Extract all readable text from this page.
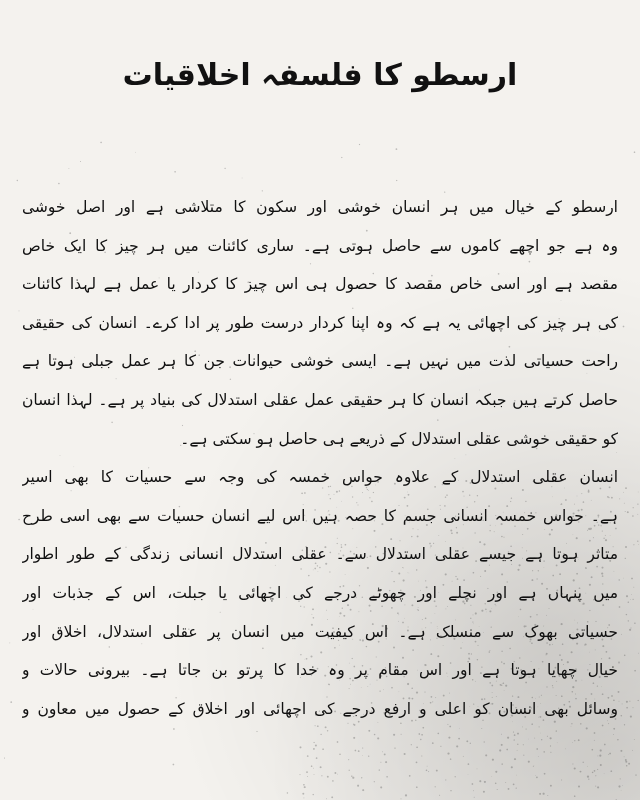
ارسطو کا فلسفہ اخلاقیات
ارسطو کے خیال میں ہر انسان خوشی اور سکون کا متلاشی ہے اور اصل خوشی
وہ ہے جو اچھے کاموں سے حاصل ہوتی ہے۔ ساری کائنات میں ہر چیز کا ایک خاص
مقصد ہے اور اسی خاص مقصد کا حصول ہی اس چیز کا کردار یا عمل ہے لہذا کائنات
کی ہر چیز کی اچھائی یہ ہے کہ وہ اپنا کردار درست طور پر ادا کرے۔ انسان کی حقیقی
راحت حسیاتی لذت میں نہیں ہے۔ ایسی خوشی حیوانات جن کا ہر عمل جبلی ہوتا ہے
حاصل کرتے ہیں جبکہ انسان کا ہر حقیقی عمل عقلی استدلال کی بنیاد پر ہے۔ لہذا انسان
کو حقیقی خوشی عقلی استدلال کے ذریعے ہی حاصل ہو سکتی ہے۔
انسان عقلی استدلال کے علاوہ حواس خمسہ کی وجہ سے حسیات کا بھی اسیر
ہے۔ حواس خمسہ انسانی جسم کا حصہ ہیں اس لیے انسان حسیات سے بھی اسی طرح
متاثر ہوتا ہے جیسے عقلی استدلال سے۔ عقلی استدلال انسانی زندگی کے طور اطوار
میں پنہاں ہے اور نچلے اور چھوٹے درجے کی اچھائی یا جبلت، اس کے جذبات اور
حسیاتی بھوک سے منسلک ہے۔ اس کیفیت میں انسان پر عقلی استدلال، اخلاق اور
خیال چھایا ہوتا ہے اور اس مقام پر وہ خدا کا پرتو بن جاتا ہے۔ بیرونی حالات و
وسائل بھی انسان کو اعلی و ارفع درجے کی اچھائی اور اخلاق کے حصول میں معاون و
